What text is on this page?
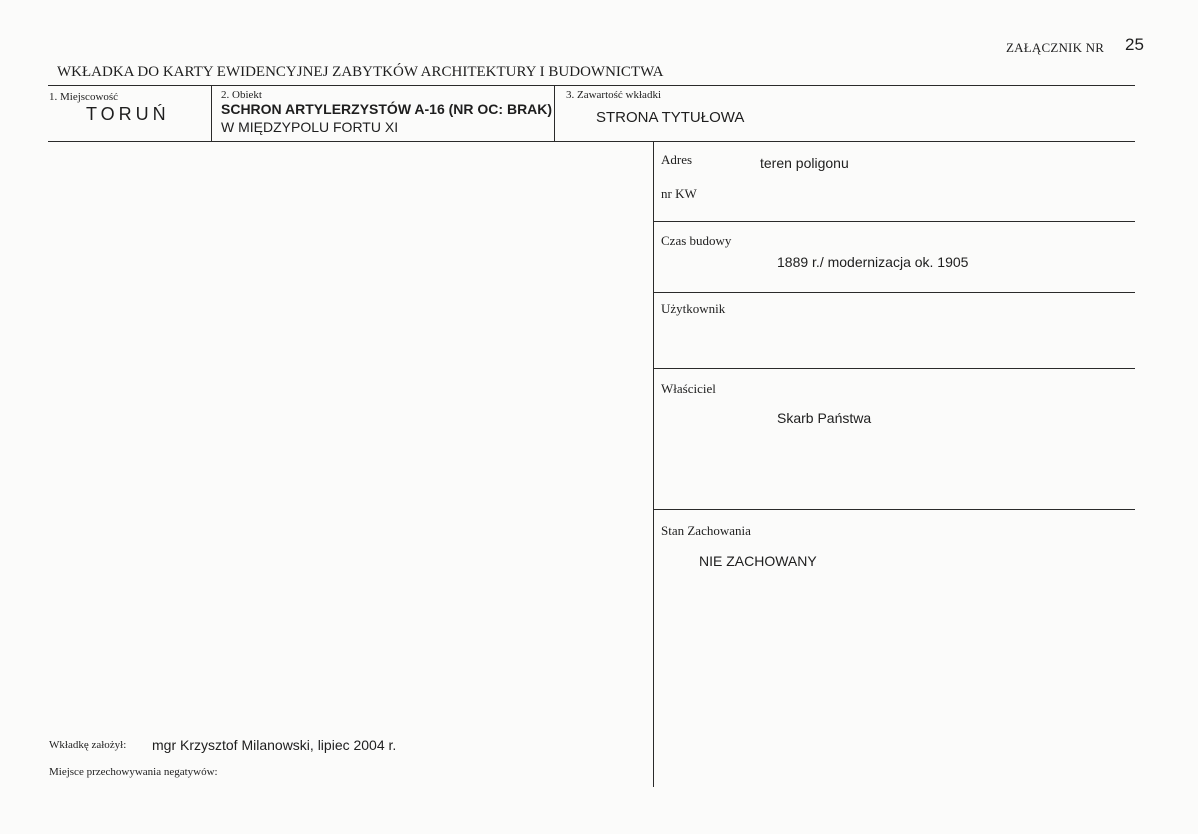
ZAŁĄCZNIK NR 25
WKŁADKA DO KARTY EWIDENCYJNEJ ZABYTKÓW ARCHITEKTURY I BUDOWNICTWA
1. Miejscowość
TORUŃ
2. Obiekt
SCHRON ARTYLERZYSTÓW A-16 (NR OC: BRAK)
W MIĘDZYPOLU FORTU XI
3. Zawartość wkładki
STRONA TYTUŁOWA
Adres	teren poligonu
nr KW
Czas budowy
1889 r./ modernizacja ok. 1905
Użytkownik
Właściciel
Skarb Państwa
Stan Zachowania
NIE ZACHOWANY
Wkładkę założył: mgr Krzysztof Milanowski, lipiec 2004 r.
Miejsce przechowywania negatywów:
